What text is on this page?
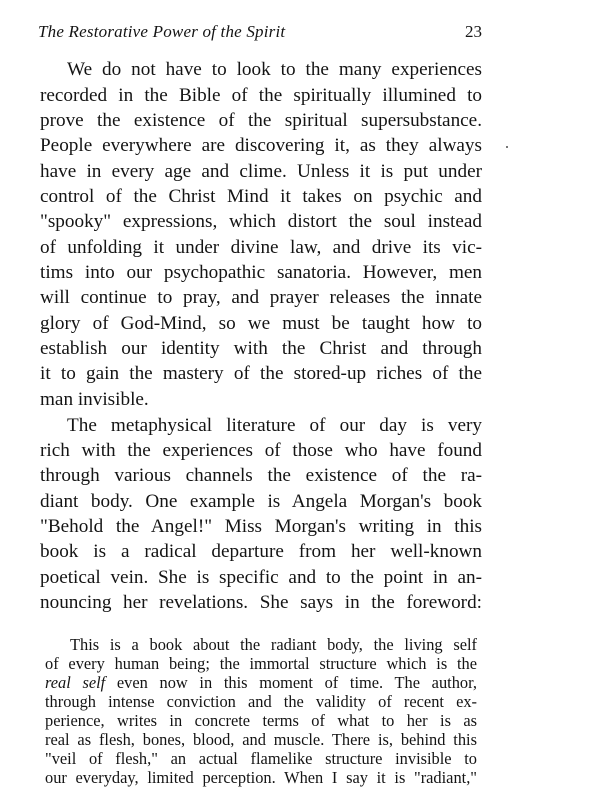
The Restorative Power of the Spirit	23
We do not have to look to the many experiences
recorded in the Bible of the spiritually illumined to
prove the existence of the spiritual supersubstance.
People everywhere are discovering it, as they always
have in every age and clime. Unless it is put under
control of the Christ Mind it takes on psychic and
"spooky" expressions, which distort the soul instead
of unfolding it under divine law, and drive its vic-
tims into our psychopathic sanatoria. However, men
will continue to pray, and prayer releases the innate
glory of God-Mind, so we must be taught how to
establish our identity with the Christ and through
it to gain the mastery of the stored-up riches of the
man invisible.
The metaphysical literature of our day is very
rich with the experiences of those who have found
through various channels the existence of the ra-
diant body. One example is Angela Morgan's book
"Behold the Angel!" Miss Morgan's writing in this
book is a radical departure from her well-known
poetical vein. She is specific and to the point in an-
nouncing her revelations. She says in the foreword:
This is a book about the radiant body, the living self
of every human being; the immortal structure which is the
real self even now in this moment of time. The author,
through intense conviction and the validity of recent ex-
perience, writes in concrete terms of what to her is as
real as flesh, bones, blood, and muscle. There is, behind this
"veil of flesh," an actual flamelike structure invisible to
our everyday, limited perception. When I say it is "radiant,"
